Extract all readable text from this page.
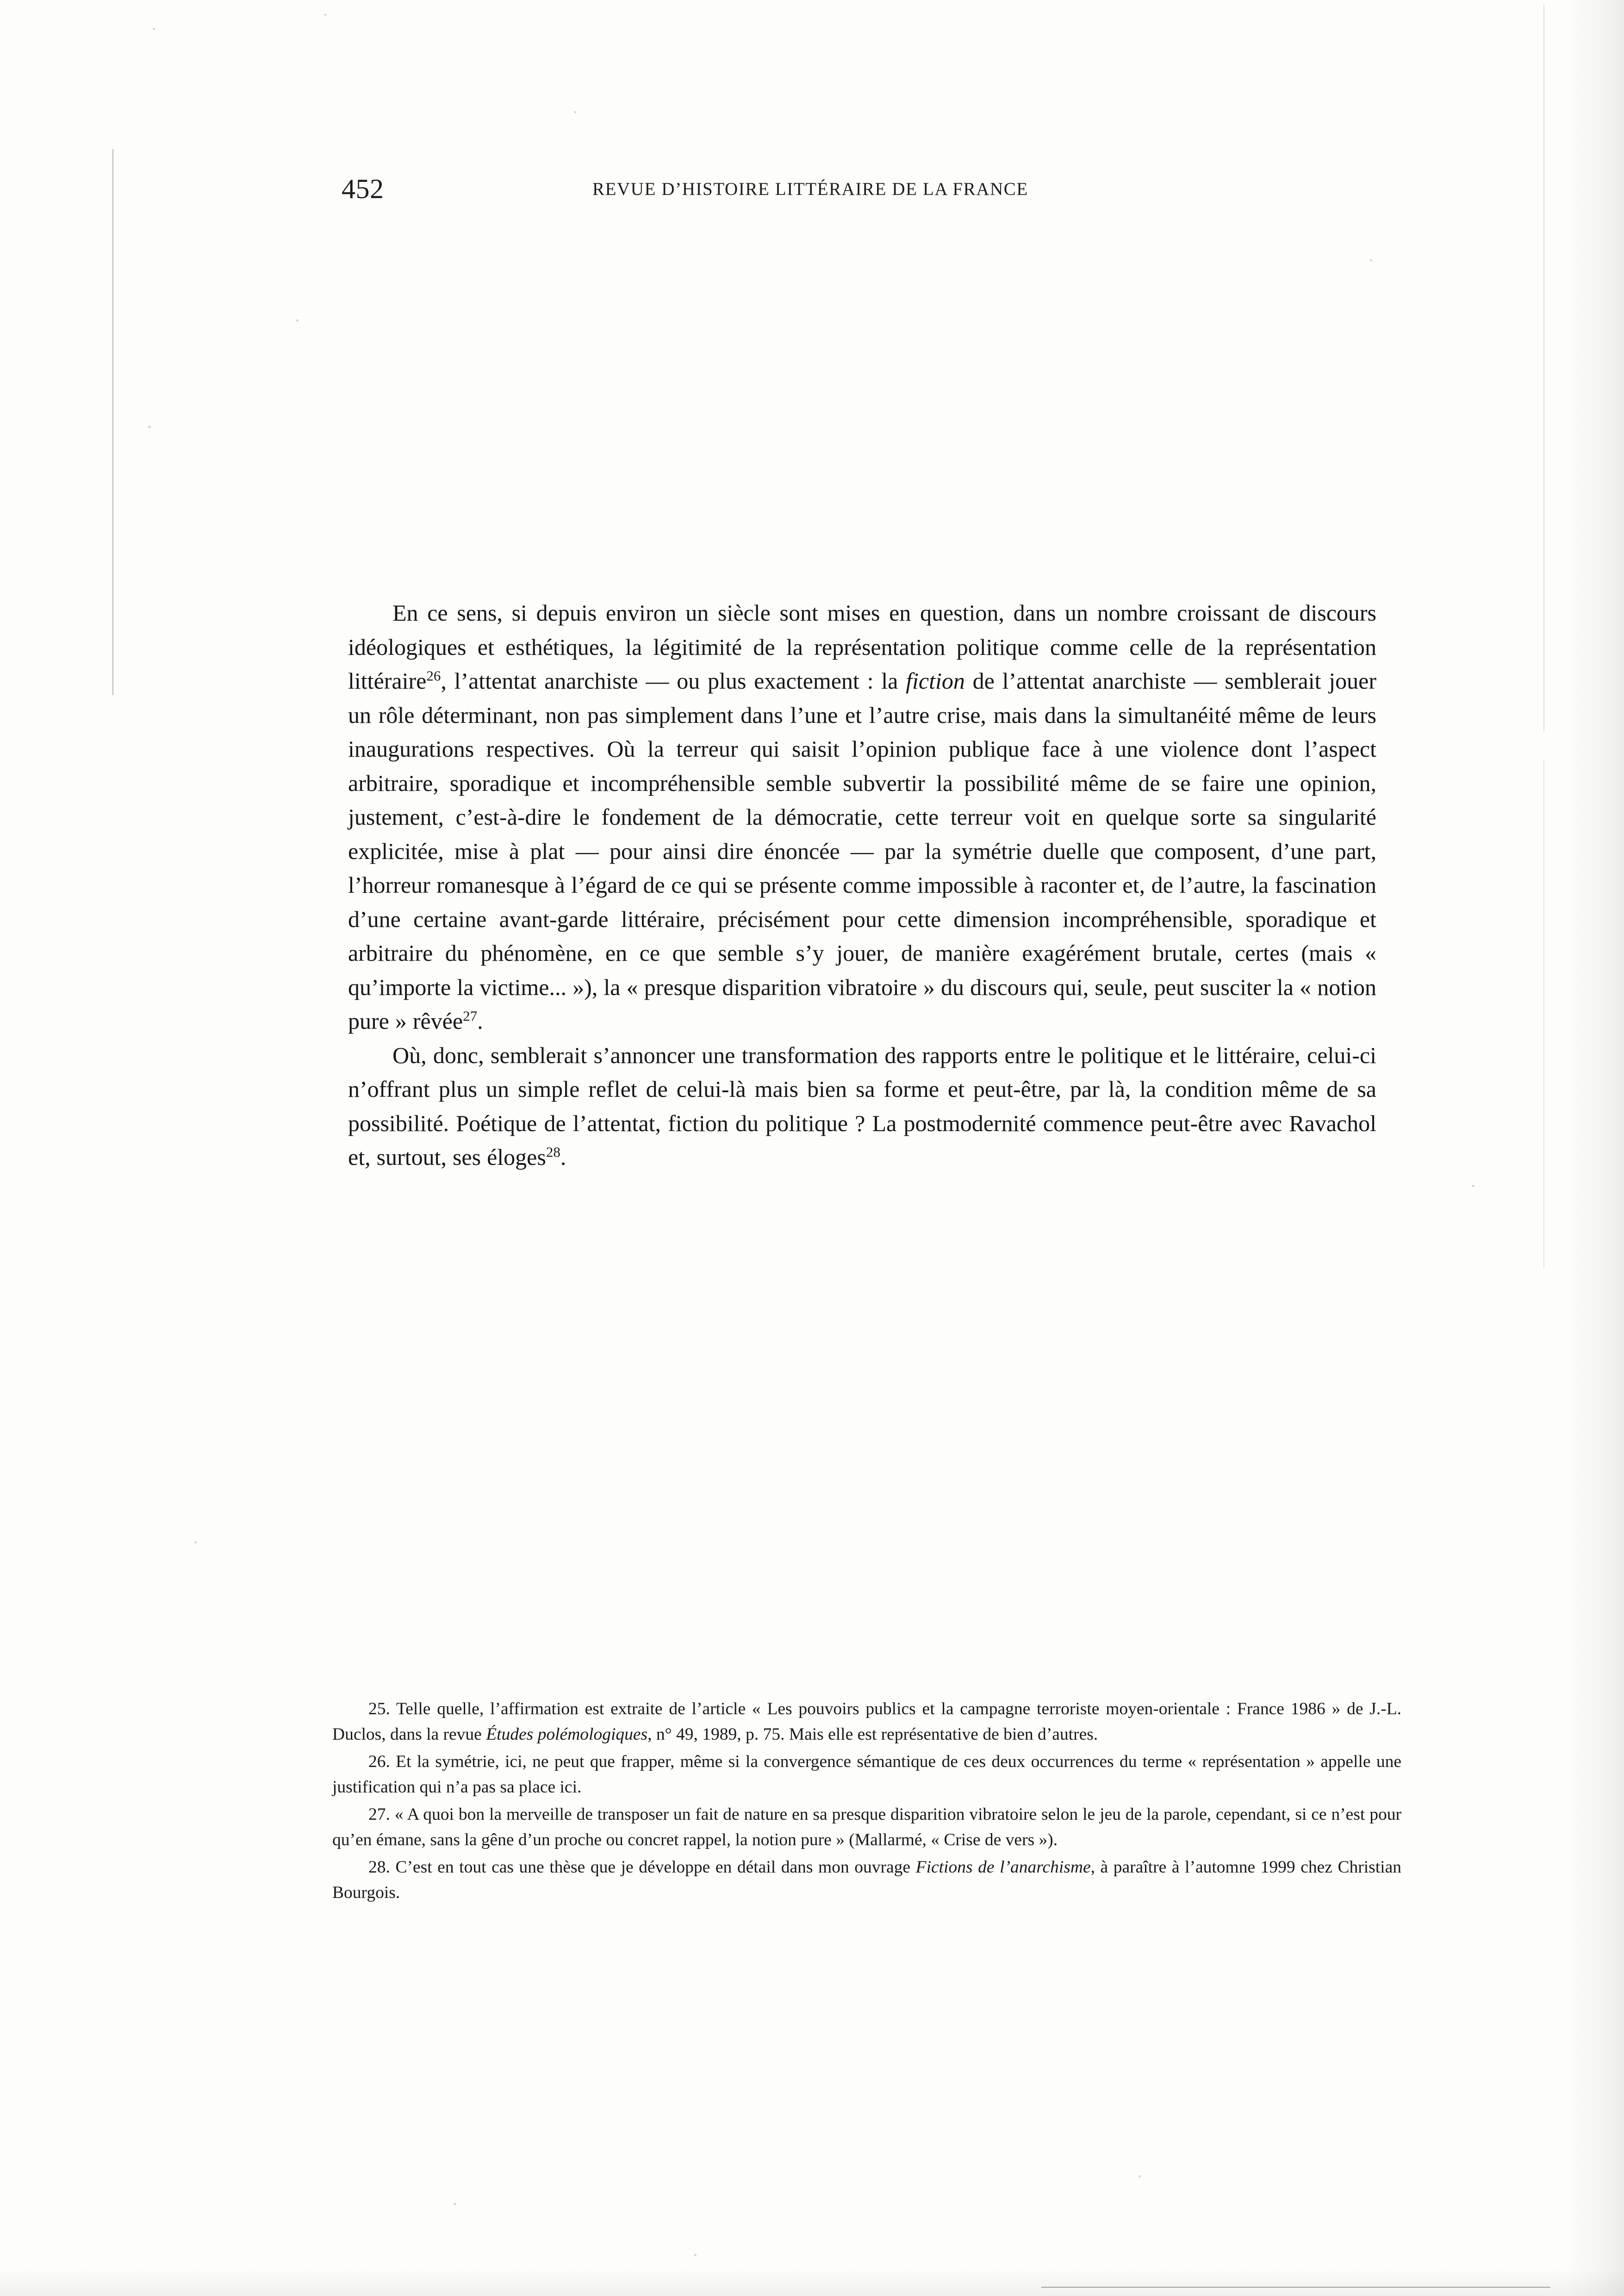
452	REVUE D’HISTOIRE LITTÉRAIRE DE LA FRANCE

En ce sens, si depuis environ un siècle sont mises en question, dans un nombre croissant de discours idéologiques et esthétiques, la légitimité de la représentation politique comme celle de la représentation littéraire$^{26}$, l’attentat anarchiste — ou plus exactement : la fiction de l’attentat anarchiste — semblerait jouer un rôle déterminant, non pas simplement dans l’une et l’autre crise, mais dans la simultanéité même de leurs inaugurations respectives. Où la terreur qui saisit l’opinion publique face à une violence dont l’aspect arbitraire, sporadique et incompréhensible semble subvertir la possibilité même de se faire une opinion, justement, c’est-à-dire le fondement de la démocratie, cette terreur voit en quelque sorte sa singularité explicitée, mise à plat — pour ainsi dire énoncée — par la symétrie duelle que composent, d’une part, l’horreur romanesque à l’égard de ce qui se présente comme impossible à raconter et, de l’autre, la fascination d’une certaine avant-garde littéraire, précisément pour cette dimension incompréhensible, sporadique et arbitraire du phénomène, en ce que semble s’y jouer, de manière exagérément brutale, certes (mais « qu’importe la victime... »), la « presque disparition vibratoire » du discours qui, seule, peut susciter la « notion pure » rêvée$^{27}$.

Où, donc, semblerait s’annoncer une transformation des rapports entre le politique et le littéraire, celui-ci n’offrant plus un simple reflet de celui-là mais bien sa forme et peut-être, par là, la condition même de sa possibilité. Poétique de l’attentat, fiction du politique ? La postmodernité commence peut-être avec Ravachol et, surtout, ses éloges$^{28}$.

25. Telle quelle, l’affirmation est extraite de l’article « Les pouvoirs publics et la campagne terroriste moyen-orientale : France 1986 » de J.-L. Duclos, dans la revue Études polémologiques, n° 49, 1989, p. 75. Mais elle est représentative de bien d’autres.

26. Et la symétrie, ici, ne peut que frapper, même si la convergence sémantique de ces deux occurrences du terme « représentation » appelle une justification qui n’a pas sa place ici.

27. « A quoi bon la merveille de transposer un fait de nature en sa presque disparition vibratoire selon le jeu de la parole, cependant, si ce n’est pour qu’en émane, sans la gêne d’un proche ou concret rappel, la notion pure » (Mallarmé, « Crise de vers »).

28. C’est en tout cas une thèse que je développe en détail dans mon ouvrage Fictions de l’anarchisme, à paraître à l’automne 1999 chez Christian Bourgois.
